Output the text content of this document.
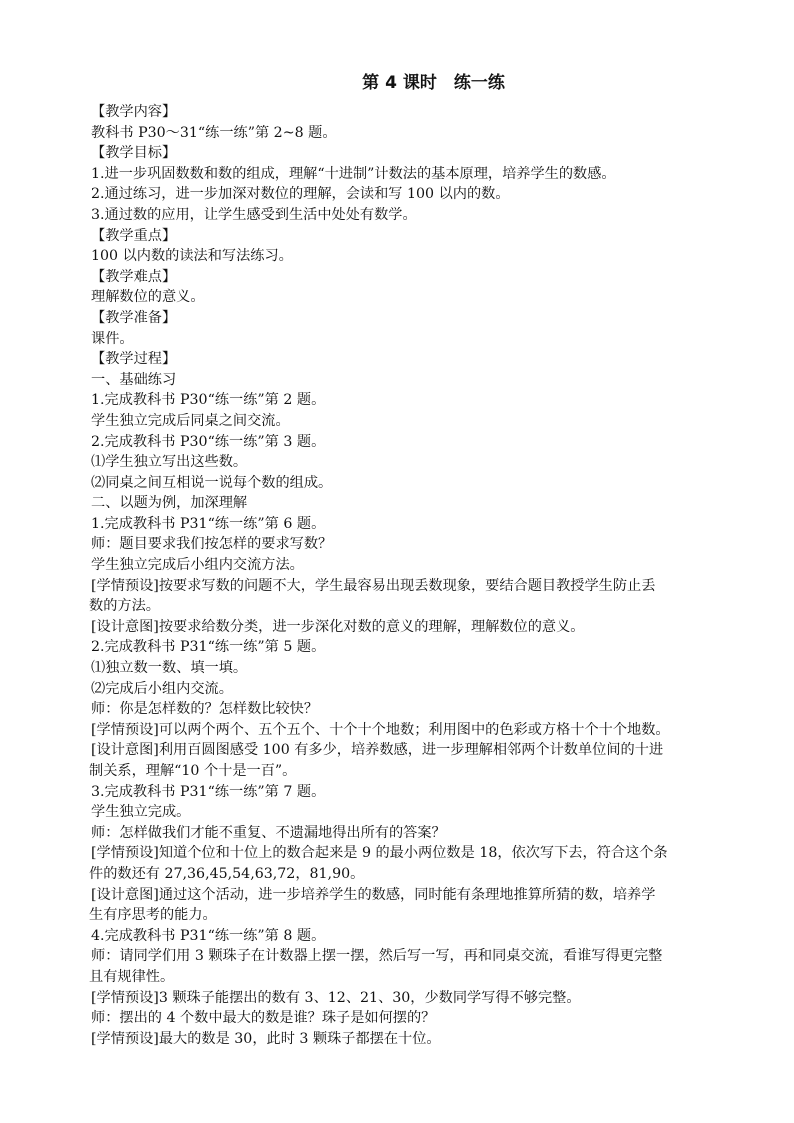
第 4 课时　练一练

【教学内容】

教科书 P30～31“练一练”第 2~8 题。

【教学目标】

1.进一步巩固数数和数的组成，理解“十进制”计数法的基本原理，培养学生的数感。

2.通过练习，进一步加深对数位的理解，会读和写 100 以内的数。

3.通过数的应用，让学生感受到生活中处处有数学。

【教学重点】

100 以内数的读法和写法练习。

【教学难点】

理解数位的意义。

【教学准备】

课件。

【教学过程】

一、基础练习

1.完成教科书 P30“练一练”第 2 题。

学生独立完成后同桌之间交流。

2.完成教科书 P30“练一练”第 3 题。

⑴学生独立写出这些数。

⑵同桌之间互相说一说每个数的组成。

二、以题为例，加深理解

1.完成教科书 P31“练一练”第 6 题。

师：题目要求我们按怎样的要求写数？

学生独立完成后小组内交流方法。

[学情预设]按要求写数的问题不大，学生最容易出现丢数现象，要结合题目教授学生防止丢

数的方法。

[设计意图]按要求给数分类，进一步深化对数的意义的理解，理解数位的意义。

2.完成教科书 P31“练一练”第 5 题。

⑴独立数一数、填一填。

⑵完成后小组内交流。

师：你是怎样数的？怎样数比较快？

[学情预设]可以两个两个、五个五个、十个十个地数；利用图中的色彩或方格十个十个地数。

[设计意图]利用百圆图感受 100 有多少，培养数感，进一步理解相邻两个计数单位间的十进

制关系，理解“10 个十是一百”。

3.完成教科书 P31“练一练”第 7 题。

学生独立完成。

师：怎样做我们才能不重复、不遗漏地得出所有的答案？

[学情预设]知道个位和十位上的数合起来是 9 的最小两位数是 18，依次写下去，符合这个条

件的数还有 27,36,45,54,63,72，81,90。

[设计意图]通过这个活动，进一步培养学生的数感，同时能有条理地推算所猜的数，培养学

生有序思考的能力。

4.完成教科书 P31“练一练”第 8 题。

师：请同学们用 3 颗珠子在计数器上摆一摆，然后写一写，再和同桌交流，看谁写得更完整

且有规律性。

[学情预设]3 颗珠子能摆出的数有 3、12、21、30，少数同学写得不够完整。

师：摆出的 4 个数中最大的数是谁？珠子是如何摆的？

[学情预设]最大的数是 30，此时 3 颗珠子都摆在十位。
